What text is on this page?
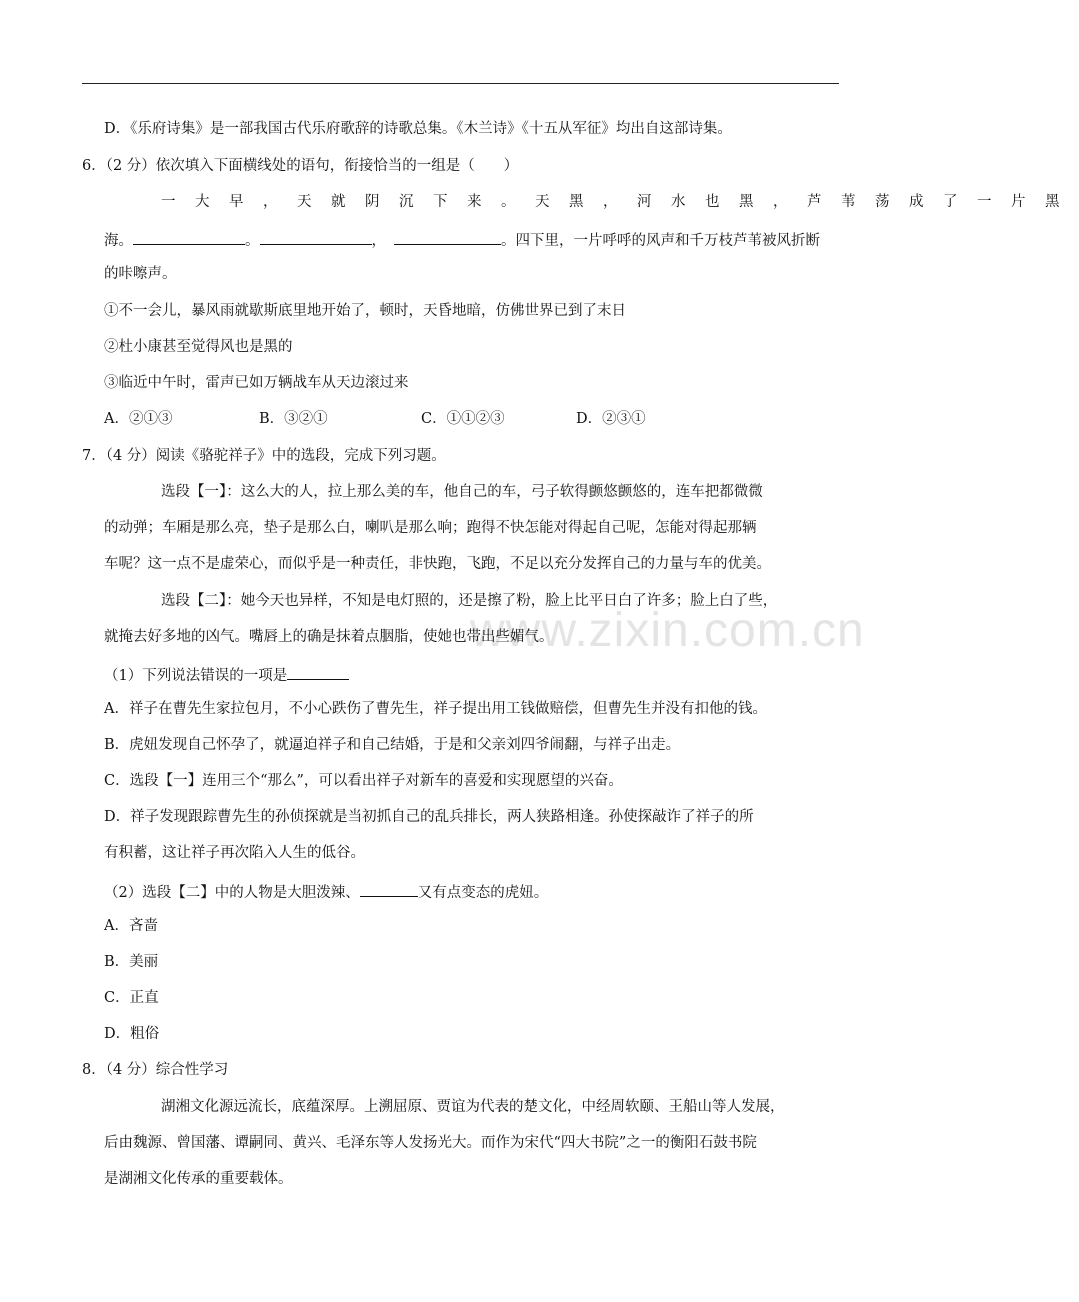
www.zixin.com.cn
D．《乐府诗集》是一部我国古代乐府歌辞的诗歌总集。《木兰诗》《十五从军征》均出自这部诗集。
6．（2 分）依次填入下面横线处的语句，衔接恰当的一组是（　　）
一大早，天就阴沉下来。天黑，河水也黑，芦苇荡成了一片黑
海。	。	，	。四下里，一片呼呼的风声和千万枝芦苇被风折断
的咔嚓声。
①不一会儿，暴风雨就歇斯底里地开始了，顿时，天昏地暗，仿佛世界已到了末日
②杜小康甚至觉得风也是黑的
③临近中午时，雷声已如万辆战车从天边滚过来
A．②①③	B．③②①	C．①①②③	D．②③①
7．（4 分）阅读《骆驼祥子》中的选段，完成下列习题。
选段【一】：这么大的人，拉上那么美的车，他自己的车，弓子软得颤悠颤悠的，连车把都微微
的动弹；车厢是那么亮，垫子是那么白，喇叭是那么响；跑得不快怎能对得起自己呢，怎能对得起那辆
车呢？这一点不是虚荣心，而似乎是一种责任，非快跑，飞跑，不足以充分发挥自己的力量与车的优美。
选段【二】：她今天也异样，不知是电灯照的，还是擦了粉，脸上比平日白了许多；脸上白了些，
就掩去好多地的凶气。嘴唇上的确是抹着点胭脂，使她也带出些媚气。
（1）下列说法错误的一项是
A．祥子在曹先生家拉包月，不小心跌伤了曹先生，祥子提出用工钱做赔偿，但曹先生并没有扣他的钱。
B．虎妞发现自己怀孕了，就逼迫祥子和自己结婚，于是和父亲刘四爷闹翻，与祥子出走。
C．选段【一】连用三个“那么”，可以看出祥子对新车的喜爱和实现愿望的兴奋。
D．祥子发现跟踪曹先生的孙侦探就是当初抓自己的乱兵排长，两人狭路相逢。孙使探敲诈了祥子的所
有积蓄，这让祥子再次陷入人生的低谷。
（2）选段【二】中的人物是大胆泼辣、	又有点变态的虎妞。
A．吝啬
B．美丽
C．正直
D．粗俗
8．（4 分）综合性学习
湖湘文化源远流长，底蕴深厚。上溯屈原、贾谊为代表的楚文化，中经周软颐、王船山等人发展，
后由魏源、曾国藩、谭嗣同、黄兴、毛泽东等人发扬光大。而作为宋代“四大书院”之一的衡阳石鼓书院
是湖湘文化传承的重要载体。
